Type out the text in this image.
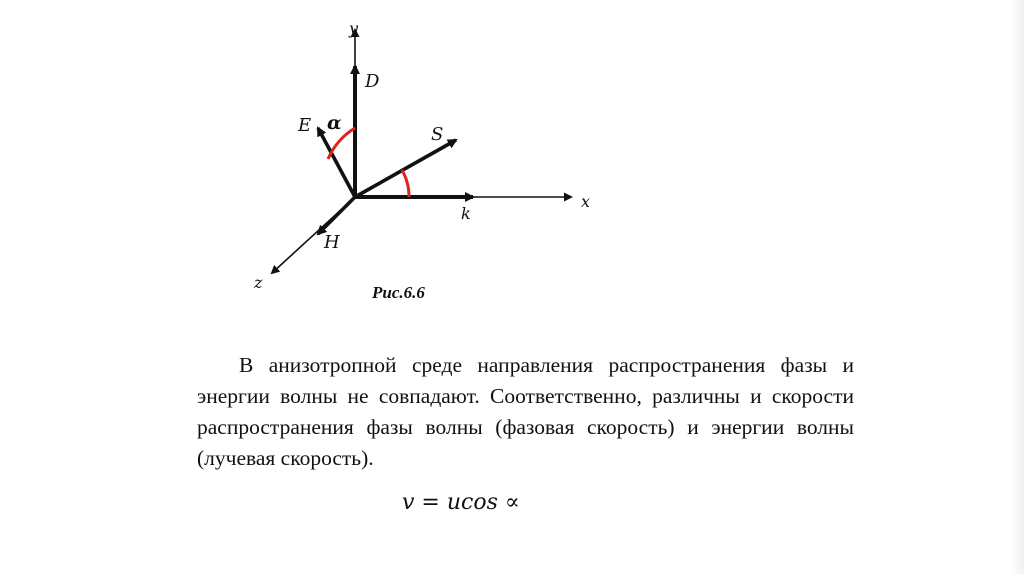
y
x
z
D
E	S
k
H
α
Рис.6.6
В анизотропной среде направления распространения фазы и энергии волны не совпадают. Соответственно, различны и скорости распространения фазы волны (фазовая скорость) и энергии волны (лучевая скорость).
v = ucos ∝
